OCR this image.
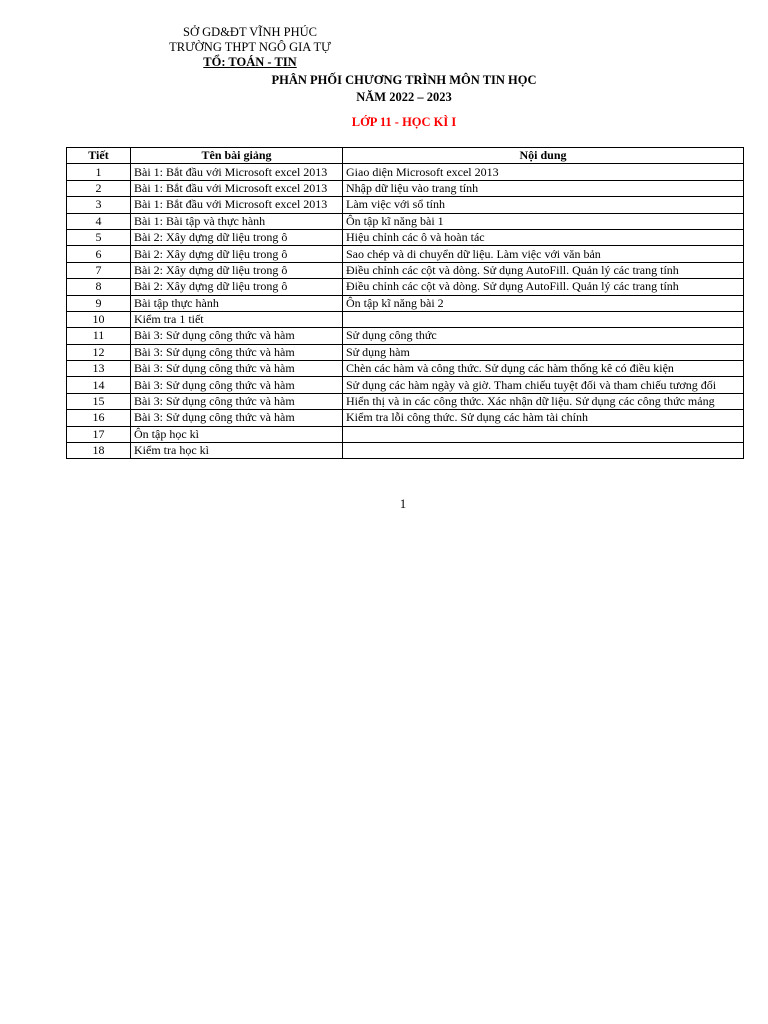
SỞ GD&ĐT VĨNH PHÚC
TRƯỜNG THPT NGÔ GIA TỰ
TỔ: TOÁN - TIN
PHÂN PHỐI CHƯƠNG TRÌNH MÔN TIN HỌC
NĂM 2022 – 2023
LỚP 11 - HỌC KÌ I
Tiết	Tên bài giảng	Nội dung
1	Bài 1: Bắt đầu với Microsoft excel 2013	Giao diện Microsoft excel 2013
2	Bài 1: Bắt đầu với Microsoft excel 2013	Nhập dữ liệu vào trang tính
3	Bài 1: Bắt đầu với Microsoft excel 2013	Làm việc với sổ tính
4	Bài 1: Bài tập và thực hành	Ôn tập kĩ năng bài 1
5	Bài 2: Xây dựng dữ liệu trong ô	Hiệu chỉnh các ô và hoàn tác
6	Bài 2: Xây dựng dữ liệu trong ô	Sao chép và di chuyển dữ liệu. Làm việc với văn bản
7	Bài 2: Xây dựng dữ liệu trong ô	Điều chỉnh các cột và dòng. Sử dụng AutoFill. Quản lý các trang tính
8	Bài 2: Xây dựng dữ liệu trong ô	Điều chỉnh các cột và dòng. Sử dụng AutoFill. Quản lý các trang tính
9	Bài tập thực hành	Ôn tập kĩ năng bài 2
10	Kiểm tra 1 tiết	
11	Bài 3: Sử dụng công thức và hàm	Sử dụng công thức
12	Bài 3: Sử dụng công thức và hàm	Sử dụng hàm
13	Bài 3: Sử dụng công thức và hàm	Chèn các hàm và công thức. Sử dụng các hàm thống kê có điều kiện
14	Bài 3: Sử dụng công thức và hàm	Sử dụng các hàm ngày và giờ. Tham chiếu tuyệt đối và tham chiếu tương đối
15	Bài 3: Sử dụng công thức và hàm	Hiển thị và in các công thức. Xác nhận dữ liệu. Sử dụng các công thức mảng
16	Bài 3: Sử dụng công thức và hàm	Kiểm tra lỗi công thức. Sử dụng các hàm tài chính
17	Ôn tập học kì	
18	Kiểm tra học kì	
1
